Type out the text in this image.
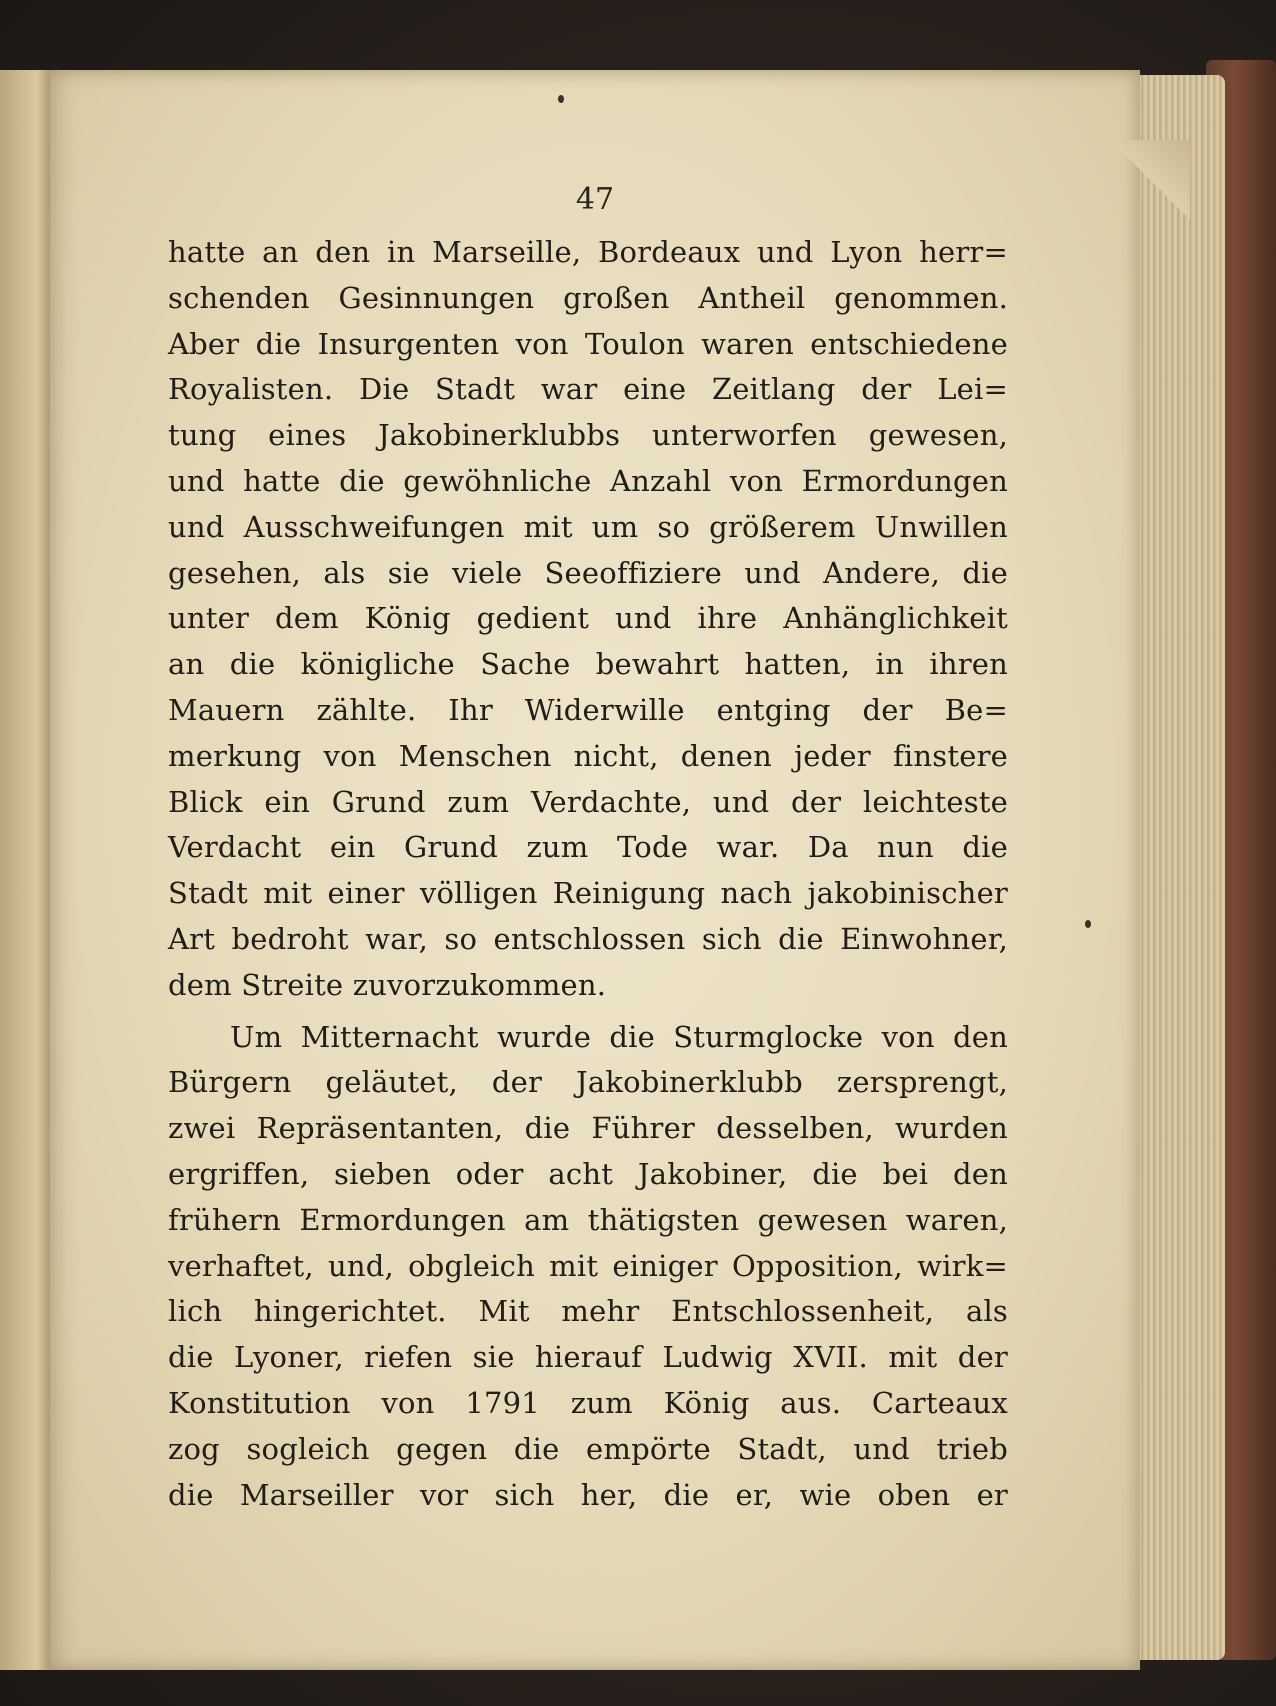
47
hatte an den in Marseille, Bordeaux und Lyon herr=
schenden Gesinnungen großen Antheil genommen.
Aber die Insurgenten von Toulon waren entschiedene
Royalisten. Die Stadt war eine Zeitlang der Lei=
tung eines Jakobinerklubbs unterworfen gewesen,
und hatte die gewöhnliche Anzahl von Ermordungen
und Ausschweifungen mit um so größerem Unwillen
gesehen, als sie viele Seeoffiziere und Andere, die
unter dem König gedient und ihre Anhänglichkeit
an die königliche Sache bewahrt hatten, in ihren
Mauern zählte. Ihr Widerwille entging der Be=
merkung von Menschen nicht, denen jeder finstere
Blick ein Grund zum Verdachte, und der leichteste
Verdacht ein Grund zum Tode war. Da nun die
Stadt mit einer völligen Reinigung nach jakobinischer
Art bedroht war, so entschlossen sich die Einwohner,
dem Streite zuvorzukommen.
Um Mitternacht wurde die Sturmglocke von den
Bürgern geläutet, der Jakobinerklubb zersprengt,
zwei Repräsentanten, die Führer desselben, wurden
ergriffen, sieben oder acht Jakobiner, die bei den
frühern Ermordungen am thätigsten gewesen waren,
verhaftet, und, obgleich mit einiger Opposition, wirk=
lich hingerichtet. Mit mehr Entschlossenheit, als
die Lyoner, riefen sie hierauf Ludwig XVII. mit der
Konstitution von 1791 zum König aus. Carteaux
zog sogleich gegen die empörte Stadt, und trieb
die Marseiller vor sich her, die er, wie oben er
